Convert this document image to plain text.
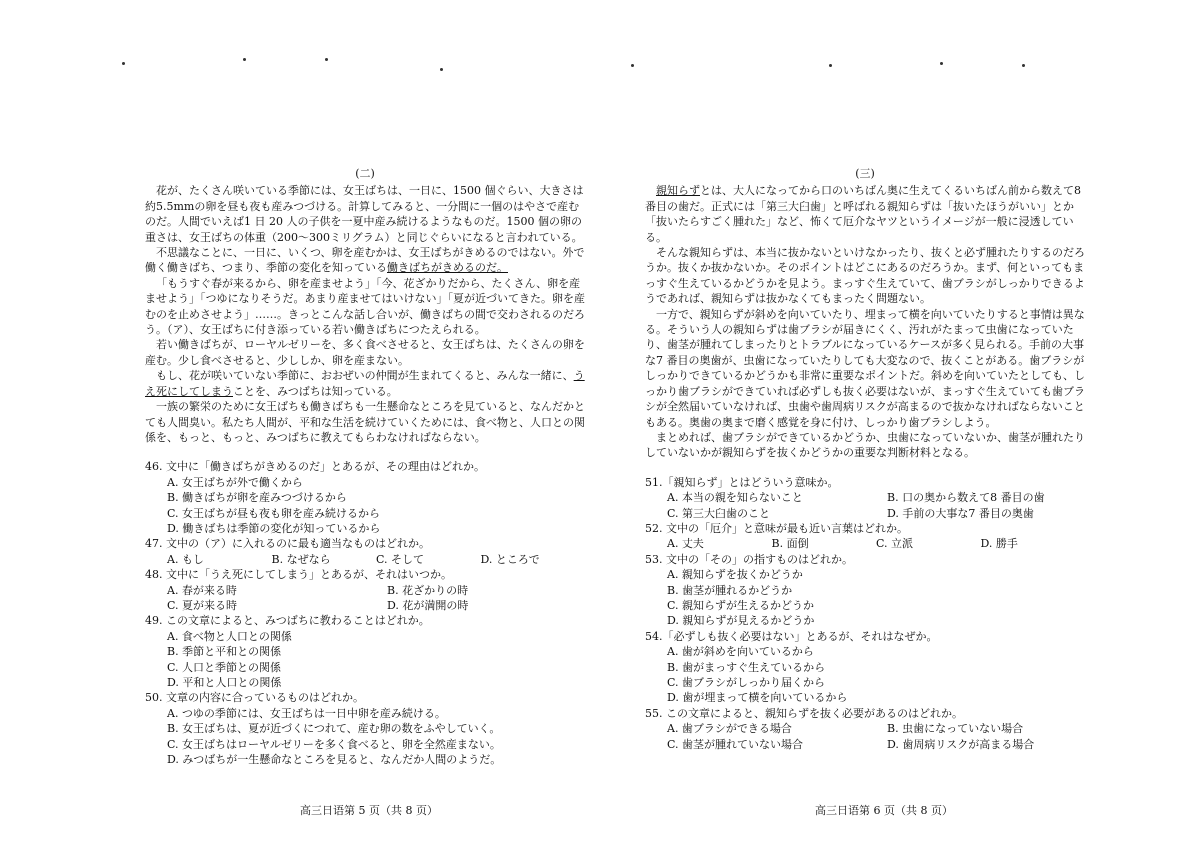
(二)

花が、たくさん咲いている季節には、女王ばちは、一日に、1500 個ぐらい、大きさは約5.5mmの卵を昼も夜も産みつづける。計算してみると、一分間に一個のはやさで産むのだ。人間でいえば1 日 20 人の子供を一夏中産み続けるようなものだ。1500 個の卵の重さは、女王ばちの体重（200～300ミリグラム）と同じぐらいになると言われている。

不思議なことに、一日に、いくつ、卵を産むかは、女王ばちがきめるのではない。外で働く働きばち、つまり、季節の変化を知っている働きばちがきめるのだ。

「もうすぐ春が来るから、卵を産ませよう」「今、花ざかりだから、たくさん、卵を産ませよう」「つゆになりそうだ。あまり産ませてはいけない」「夏が近づいてきた。卵を産むのを止めさせよう」……。きっとこんな話し合いが、働きばちの間で交わされるのだろう。（ア）、女王ばちに付き添っている若い働きばちにつたえられる。

若い働きばちが、ローヤルゼリーを、多く食べさせると、女王ばちは、たくさんの卵を産む。少し食べさせると、少ししか、卵を産まない。

もし、花が咲いていない季節に、おおぜいの仲間が生まれてくると、みんな一緒に、うえ死にしてしまうことを、みつばちは知っている。

一族の繁栄のために女王ばちも働きばちも一生懸命なところを見ていると、なんだかとても人間臭い。私たち人間が、平和な生活を続けていくためには、食べ物と、人口との関係を、もっと、もっと、みつばちに教えてもらわなければならない。

46. 文中に「働きばちがきめるのだ」とあるが、その理由はどれか。

A. 女王ばちが外で働くから

B. 働きばちが卵を産みつづけるから

C. 女王ばちが昼も夜も卵を産み続けるから

D. 働きばちは季節の変化が知っているから

47. 文中の（ア）に入れるのに最も適当なものはどれか。

A. もし	B. なぜなら	C. そして	D. ところで

48. 文中に「うえ死にしてしまう」とあるが、それはいつか。

A. 春が来る時	B. 花ざかりの時
C. 夏が来る時	D. 花が満開の時

49. この文章によると、みつばちに教わることはどれか。

A. 食べ物と人口との関係

B. 季節と平和との関係

C. 人口と季節との関係

D. 平和と人口との関係

50. 文章の内容に合っているものはどれか。

A. つゆの季節には、女王ばちは一日中卵を産み続ける。

B. 女王ばちは、夏が近づくにつれて、産む卵の数をふやしていく。

C. 女王ばちはローヤルゼリーを多く食べると、卵を全然産まない。

D. みつばちが一生懸命なところを見ると、なんだか人間のようだ。

(三)

親知らずとは、大人になってから口のいちばん奥に生えてくるいちばん前から数えて8 番目の歯だ。正式には「第三大臼歯」と呼ばれる親知らずは「抜いたほうがいい」とか「抜いたらすごく腫れた」など、怖くて厄介なヤツというイメージが一般に浸透している。

そんな親知らずは、本当に抜かないといけなかったり、抜くと必ず腫れたりするのだろうか。抜くか抜かないか。そのポイントはどこにあるのだろうか。まず、何といってもまっすぐ生えているかどうかを見よう。まっすぐ生えていて、歯ブラシがしっかりできるようであれば、親知らずは抜かなくてもまったく問題ない。

一方で、親知らずが斜めを向いていたり、埋まって横を向いていたりすると事情は異なる。そういう人の親知らずは歯ブラシが届きにくく、汚れがたまって虫歯になっていたり、歯茎が腫れてしまったりとトラブルになっているケースが多く見られる。手前の大事な7 番目の奥歯が、虫歯になっていたりしても大変なので、抜くことがある。歯ブラシがしっかりできているかどうかも非常に重要なポイントだ。斜めを向いていたとしても、しっかり歯ブラシができていれば必ずしも抜く必要はないが、まっすぐ生えていても歯ブラシが全然届いていなければ、虫歯や歯周病リスクが高まるので抜かなければならないこともある。奥歯の奥まで磨く感覚を身に付け、しっかり歯ブラシしよう。

まとめれば、歯ブラシができているかどうか、虫歯になっていないか、歯茎が腫れたりしていないかが親知らずを抜くかどうかの重要な判断材料となる。

51.「親知らず」とはどういう意味か。

A. 本当の親を知らないこと	B. 口の奥から数えて8 番目の歯
C. 第三大臼歯のこと	D. 手前の大事な7 番目の奥歯

52. 文中の「厄介」と意味が最も近い言葉はどれか。

A. 丈夫	B. 面倒	C. 立派	D. 勝手

53. 文中の「その」の指すものはどれか。

A. 親知らずを抜くかどうか

B. 歯茎が腫れるかどうか

C. 親知らずが生えるかどうか

D. 親知らずが見えるかどうか

54.「必ずしも抜く必要はない」とあるが、それはなぜか。

A. 歯が斜めを向いているから

B. 歯がまっすぐ生えているから

C. 歯ブラシがしっかり届くから

D. 歯が埋まって横を向いているから

55. この文章によると、親知らずを抜く必要があるのはどれか。

A. 歯ブラシができる場合	B. 虫歯になっていない場合
C. 歯茎が腫れていない場合	D. 歯周病リスクが高まる場合
高三日语第 5 页（共 8 页）	高三日语第 6 页（共 8 页）
